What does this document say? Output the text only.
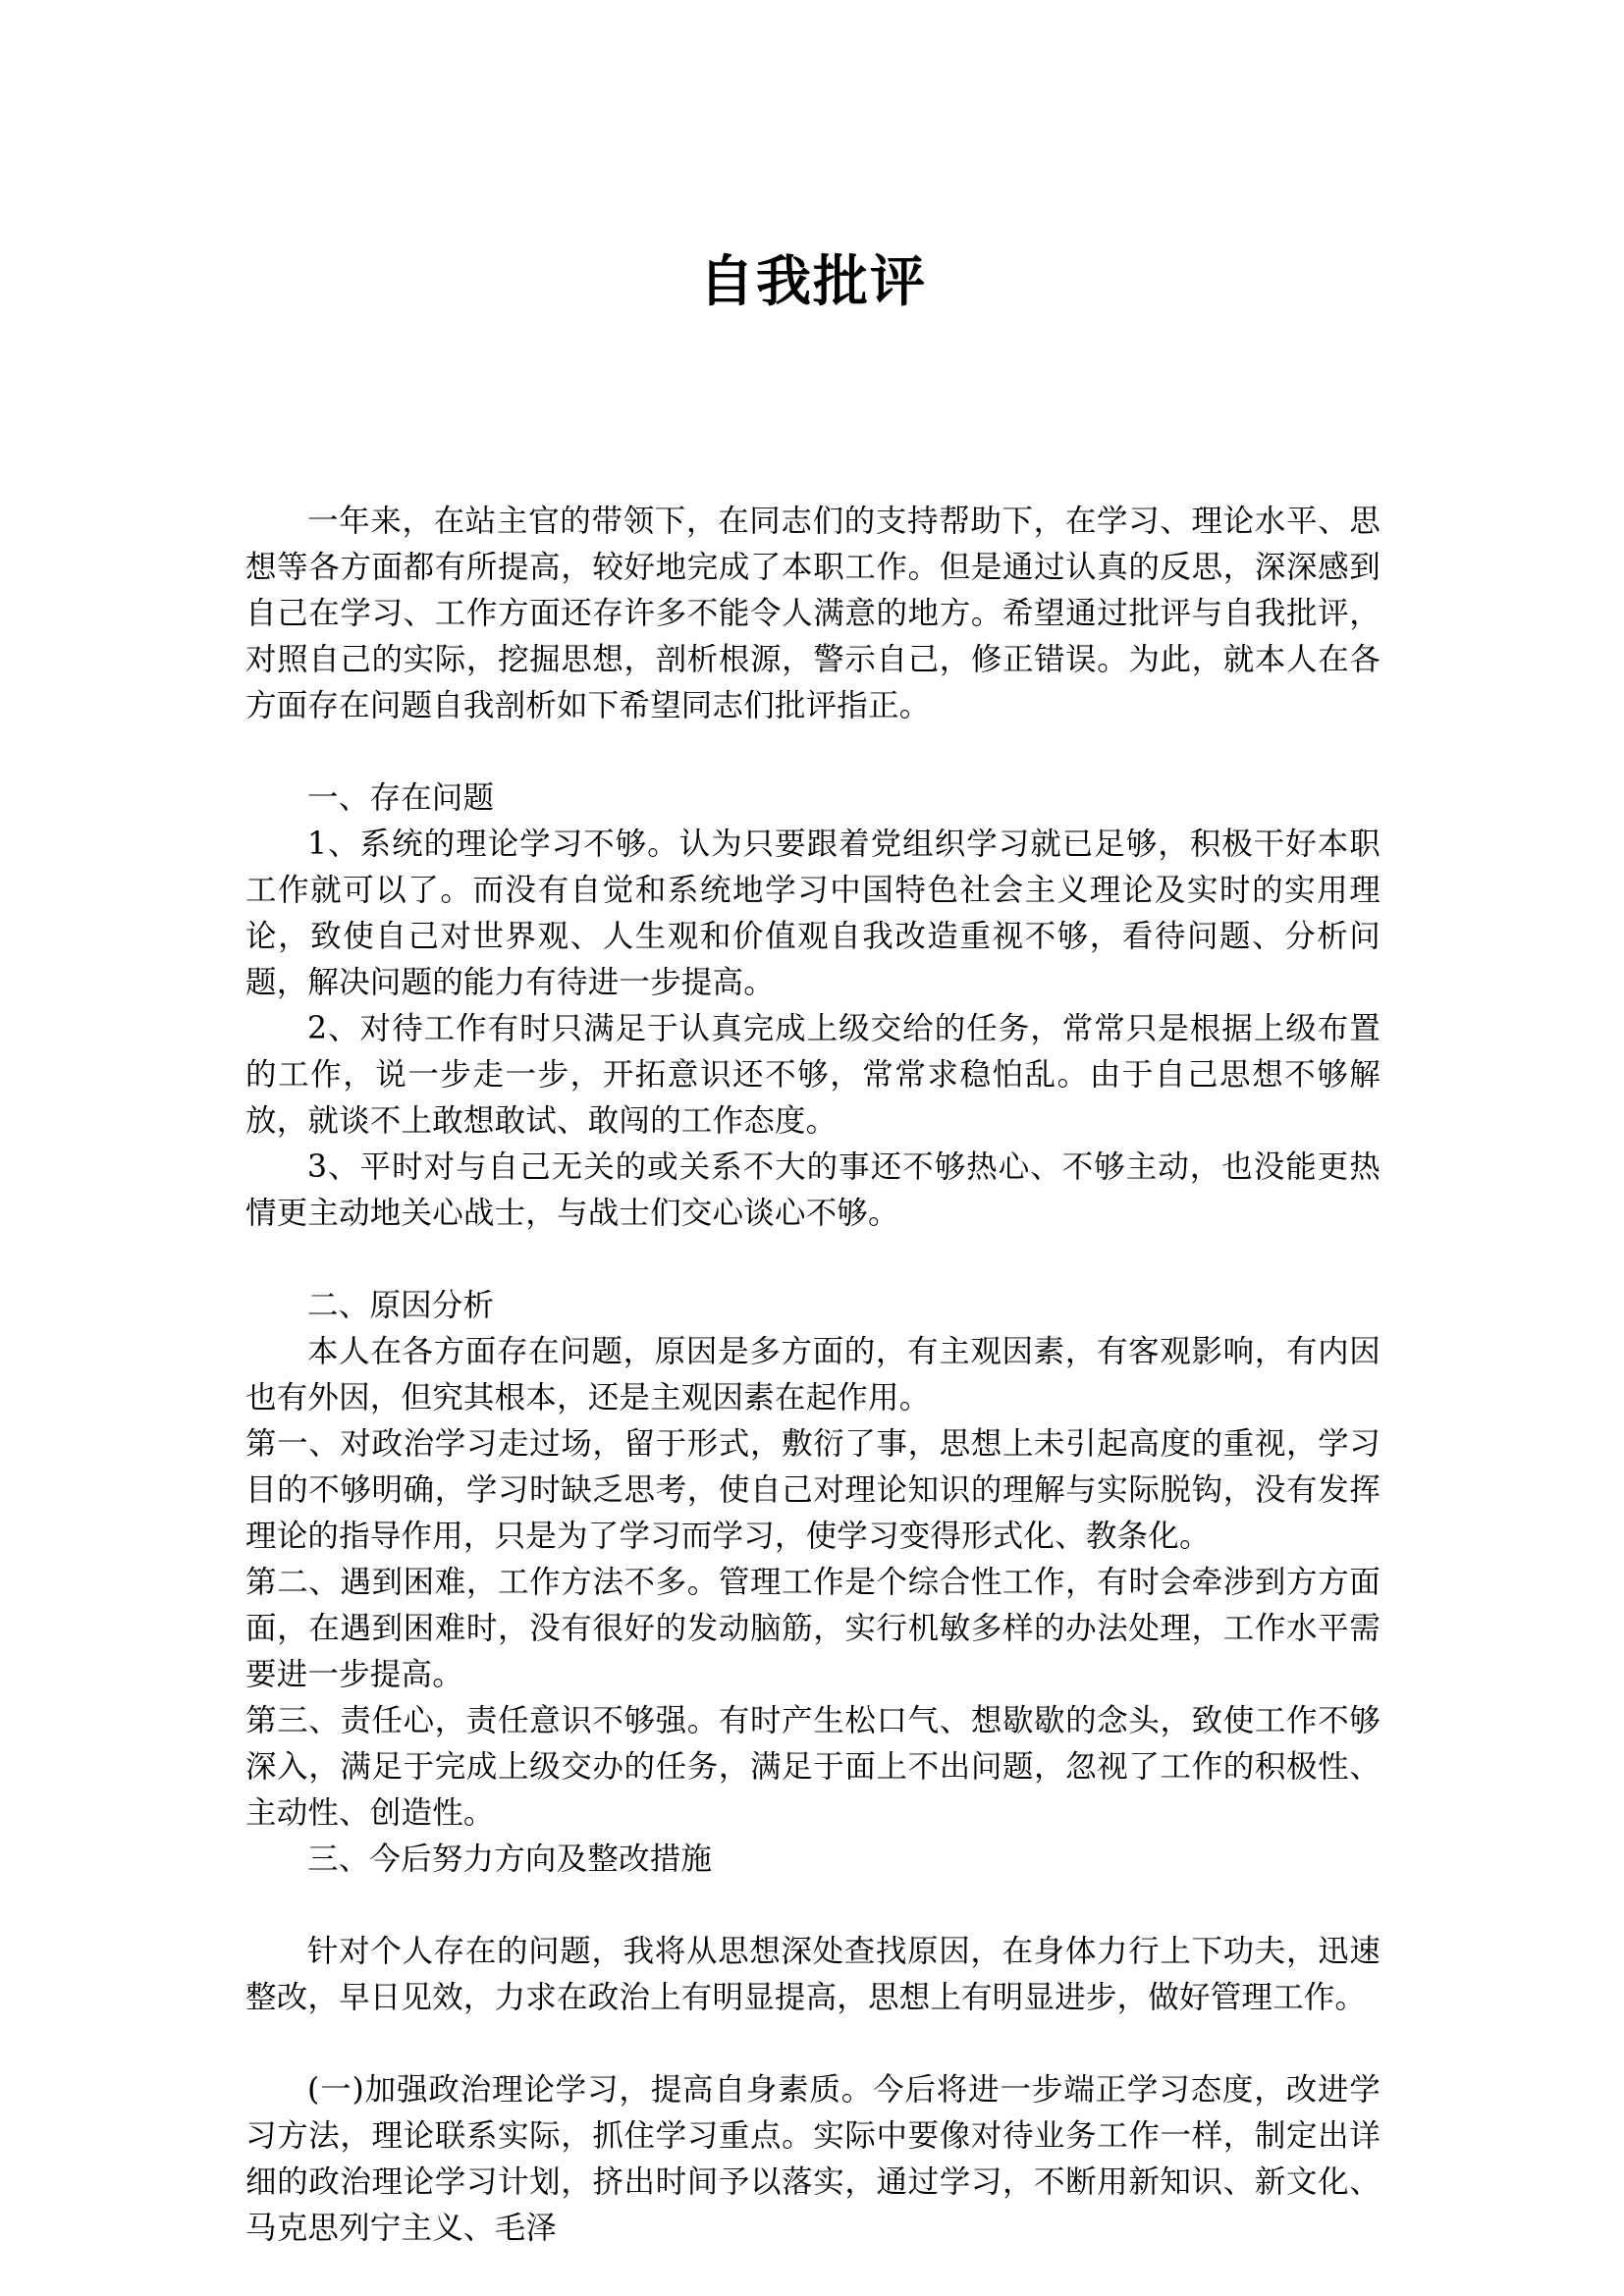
自我批评

一年来，在站主官的带领下，在同志们的支持帮助下，在学习、理论水平、思想等各方面都有所提高，较好地完成了本职工作。但是通过认真的反思，深深感到自己在学习、工作方面还存许多不能令人满意的地方。希望通过批评与自我批评，对照自己的实际，挖掘思想，剖析根源，警示自己，修正错误。为此，就本人在各方面存在问题自我剖析如下希望同志们批评指正。

一、存在问题

1、系统的理论学习不够。认为只要跟着党组织学习就已足够，积极干好本职工作就可以了。而没有自觉和系统地学习中国特色社会主义理论及实时的实用理论，致使自己对世界观、人生观和价值观自我改造重视不够，看待问题、分析问题，解决问题的能力有待进一步提高。

2、对待工作有时只满足于认真完成上级交给的任务，常常只是根据上级布置的工作，说一步走一步，开拓意识还不够，常常求稳怕乱。由于自己思想不够解放，就谈不上敢想敢试、敢闯的工作态度。

3、平时对与自己无关的或关系不大的事还不够热心、不够主动，也没能更热情更主动地关心战士，与战士们交心谈心不够。

二、原因分析

本人在各方面存在问题，原因是多方面的，有主观因素，有客观影响，有内因也有外因，但究其根本，还是主观因素在起作用。

第一、对政治学习走过场，留于形式，敷衍了事，思想上未引起高度的重视，学习目的不够明确，学习时缺乏思考，使自己对理论知识的理解与实际脱钩，没有发挥理论的指导作用，只是为了学习而学习，使学习变得形式化、教条化。

第二、遇到困难，工作方法不多。管理工作是个综合性工作，有时会牵涉到方方面面，在遇到困难时，没有很好的发动脑筋，实行机敏多样的办法处理，工作水平需要进一步提高。

第三、责任心，责任意识不够强。有时产生松口气、想歇歇的念头，致使工作不够深入，满足于完成上级交办的任务，满足于面上不出问题，忽视了工作的积极性、主动性、创造性。

三、今后努力方向及整改措施

针对个人存在的问题，我将从思想深处查找原因，在身体力行上下功夫，迅速整改，早日见效，力求在政治上有明显提高，思想上有明显进步，做好管理工作。

(一)加强政治理论学习，提高自身素质。今后将进一步端正学习态度，改进学习方法，理论联系实际，抓住学习重点。实际中要像对待业务工作一样，制定出详细的政治理论学习计划，挤出时间予以落实，通过学习，不断用新知识、新文化、马克思列宁主义、毛泽
